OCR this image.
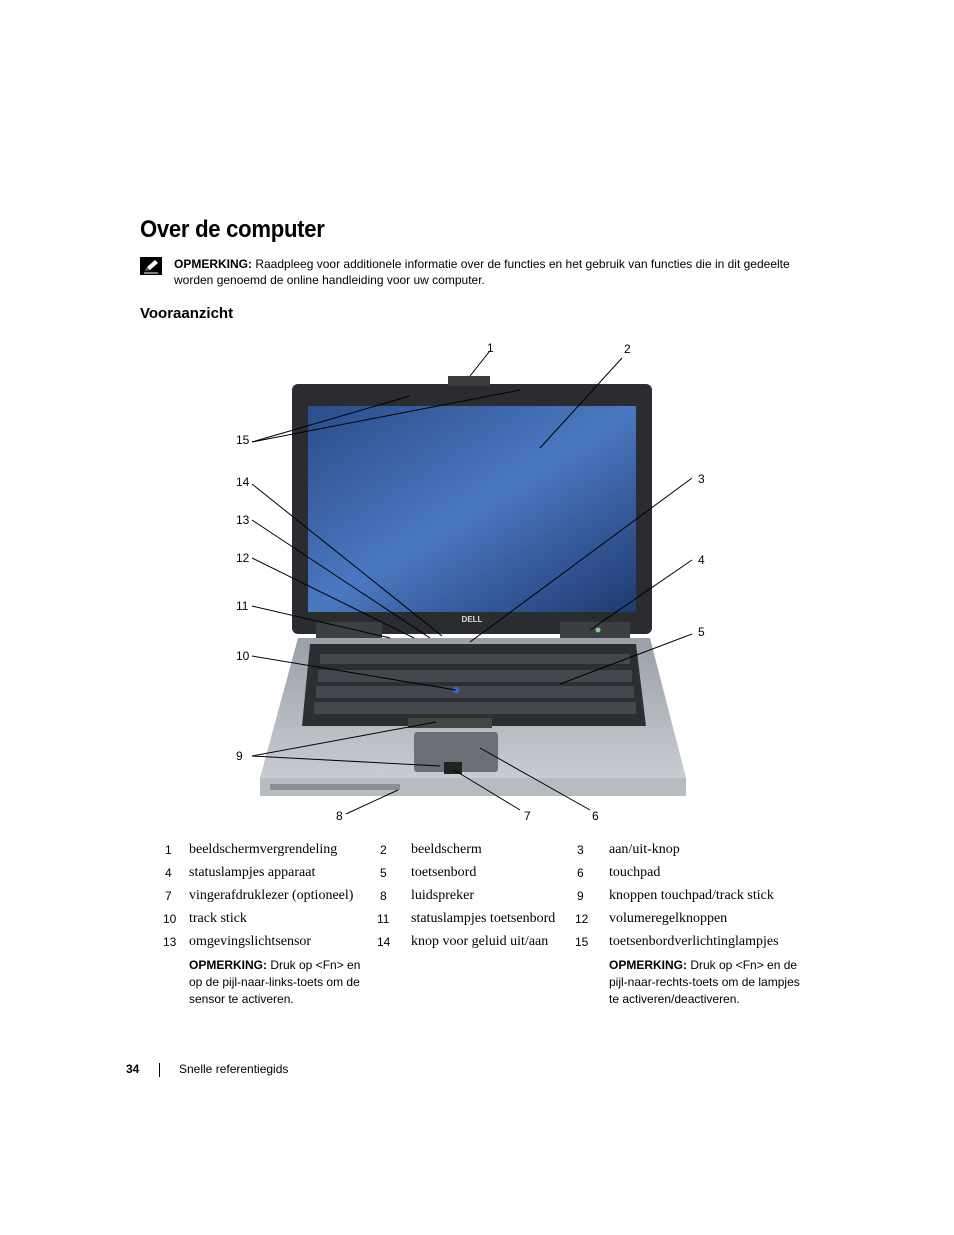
Over de computer
OPMERKING: Raadpleeg voor additionele informatie over de functies en het gebruik van functies die in dit gedeelte worden genoemd de online handleiding voor uw computer.
Vooraanzicht
DELL
1	2
3
4
5
6
7
8
9
10
11
12
13
14
15
1 beeldschermvergrendeling	2 beeldscherm	3 aan/uit-knop
4 statuslampjes apparaat	5 toetsenbord	6 touchpad
7 vingerafdruklezer (optioneel) 8 luidspreker	9 knoppen touchpad/track stick
10 track stick	11 statuslampjes toetsenbord 12 volumeregelknoppen
13 omgevingslichtsensor	14 knop voor geluid uit/aan 15 toetsenbordverlichtinglampjes
OPMERKING: Druk op <Fn> en op de pijl-naar-links-toets om de sensor te activeren.
OPMERKING: Druk op <Fn> en de pijl-naar-rechts-toets om de lampjes te activeren/deactiveren.
34	Snelle referentiegids
